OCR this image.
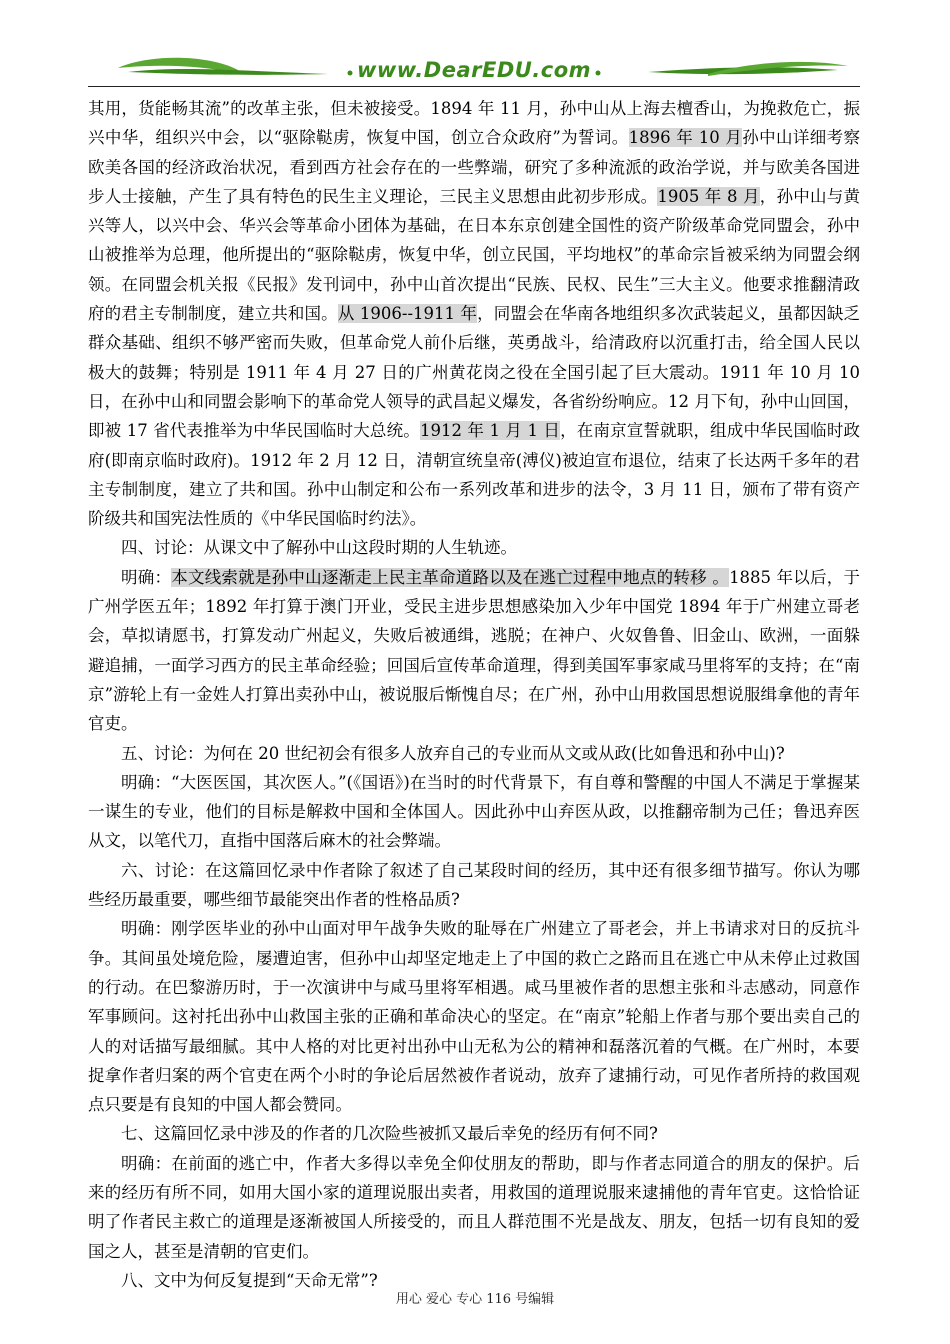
www.DearEDU.com

其用，货能畅其流”的改革主张，但未被接受。1894 年 11 月，孙中山从上海去檀香山，为挽救危亡，振兴中华，组织兴中会，以“驱除鞑虏，恢复中国，创立合众政府”为誓词。1896 年 10 月孙中山详细考察欧美各国的经济政治状况，看到西方社会存在的一些弊端，研究了多种流派的政治学说，并与欧美各国进步人士接触，产生了具有特色的民生主义理论，三民主义思想由此初步形成。1905 年 8 月，孙中山与黄兴等人，以兴中会、华兴会等革命小团体为基础，在日本东京创建全国性的资产阶级革命党同盟会，孙中山被推举为总理，他所提出的“驱除鞑虏，恢复中华，创立民国，平均地权”的革命宗旨被采纳为同盟会纲领。在同盟会机关报《民报》发刊词中，孙中山首次提出“民族、民权、民生”三大主义。他要求推翻清政府的君主专制制度，建立共和国。从 1906--1911 年，同盟会在华南各地组织多次武装起义，虽都因缺乏群众基础、组织不够严密而失败，但革命党人前仆后继，英勇战斗，给清政府以沉重打击，给全国人民以极大的鼓舞；特别是 1911 年 4 月 27 日的广州黄花岗之役在全国引起了巨大震动。1911 年 10 月 10 日，在孙中山和同盟会影响下的革命党人领导的武昌起义爆发，各省纷纷响应。12 月下旬，孙中山回国，即被 17 省代表推举为中华民国临时大总统。1912 年 1 月 1 日，在南京宣誓就职，组成中华民国临时政府(即南京临时政府)。1912 年 2 月 12 日，清朝宣统皇帝(溥仪)被迫宣布退位，结束了长达两千多年的君主专制制度，建立了共和国。孙中山制定和公布一系列改革和进步的法令，3 月 11 日，颁布了带有资产阶级共和国宪法性质的《中华民国临时约法》。

四、讨论：从课文中了解孙中山这段时期的人生轨迹。

明确：本文线索就是孙中山逐渐走上民主革命道路以及在逃亡过程中地点的转移 。1885 年以后，于广州学医五年；1892 年打算于澳门开业，受民主进步思想感染加入少年中国党 1894 年于广州建立哥老会，草拟请愿书，打算发动广州起义，失败后被通缉，逃脱；在神户、火奴鲁鲁、旧金山、欧洲，一面躲避追捕，一面学习西方的民主革命经验；回国后宣传革命道理，得到美国军事家咸马里将军的支持；在“南京”游轮上有一金姓人打算出卖孙中山，被说服后惭愧自尽；在广州，孙中山用救国思想说服缉拿他的青年官吏。

五、讨论：为何在 20 世纪初会有很多人放弃自己的专业而从文或从政(比如鲁迅和孙中山)?

明确：“大医医国，其次医人。”(《国语》)在当时的时代背景下，有自尊和警醒的中国人不满足于掌握某一谋生的专业，他们的目标是解救中国和全体国人。因此孙中山弃医从政，以推翻帝制为己任；鲁迅弃医从文，以笔代刀，直指中国落后麻木的社会弊端。

六、讨论：在这篇回忆录中作者除了叙述了自己某段时间的经历，其中还有很多细节描写。你认为哪些经历最重要，哪些细节最能突出作者的性格品质?

明确：刚学医毕业的孙中山面对甲午战争失败的耻辱在广州建立了哥老会，并上书请求对日的反抗斗争。其间虽处境危险，屡遭迫害，但孙中山却坚定地走上了中国的救亡之路而且在逃亡中从未停止过救国的行动。在巴黎游历时，于一次演讲中与咸马里将军相遇。咸马里被作者的思想主张和斗志感动，同意作军事顾问。这衬托出孙中山救国主张的正确和革命决心的坚定。在“南京”轮船上作者与那个要出卖自己的人的对话描写最细腻。其中人格的对比更衬出孙中山无私为公的精神和磊落沉着的气概。在广州时，本要捉拿作者归案的两个官吏在两个小时的争论后居然被作者说动，放弃了逮捕行动，可见作者所持的救国观点只要是有良知的中国人都会赞同。

七、这篇回忆录中涉及的作者的几次险些被抓又最后幸免的经历有何不同?

明确：在前面的逃亡中，作者大多得以幸免全仰仗朋友的帮助，即与作者志同道合的朋友的保护。后来的经历有所不同，如用大国小家的道理说服出卖者，用救国的道理说服来逮捕他的青年官吏。这恰恰证明了作者民主救亡的道理是逐渐被国人所接受的，而且人群范围不光是战友、朋友，包括一切有良知的爱国之人，甚至是清朝的官吏们。

八、文中为何反复提到“天命无常”?

用心 爱心 专心 116 号编辑
